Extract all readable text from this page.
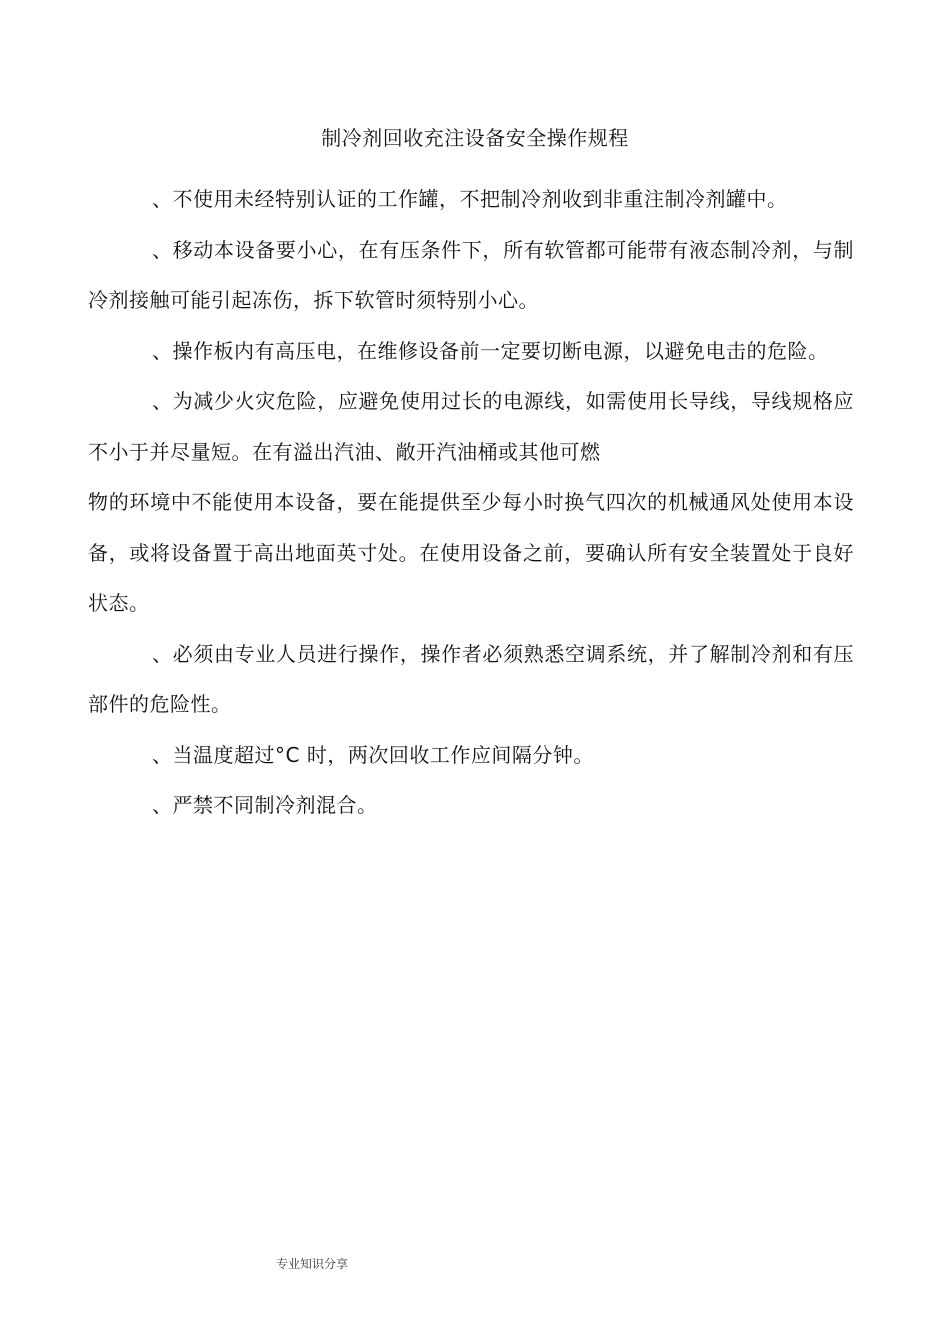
制冷剂回收充注设备安全操作规程

、不使用未经特别认证的工作罐，不把制冷剂收到非重注制冷剂罐中。

、移动本设备要小心，在有压条件下，所有软管都可能带有液态制冷剂，与制冷剂接触可能引起冻伤，拆下软管时须特别小心。

、操作板内有高压电，在维修设备前一定要切断电源，以避免电击的危险。

、为减少火灾危险，应避免使用过长的电源线，如需使用长导线，导线规格应不小于并尽量短。在有溢出汽油、敞开汽油桶或其他可燃

物的环境中不能使用本设备，要在能提供至少每小时换气四次的机械通风处使用本设备，或将设备置于高出地面英寸处。在使用设备之前，要确认所有安全装置处于良好状态。

、必须由专业人员进行操作，操作者必须熟悉空调系统，并了解制冷剂和有压部件的危险性。

、当温度超过°C 时，两次回收工作应间隔分钟。

、严禁不同制冷剂混合。

专业知识分享
